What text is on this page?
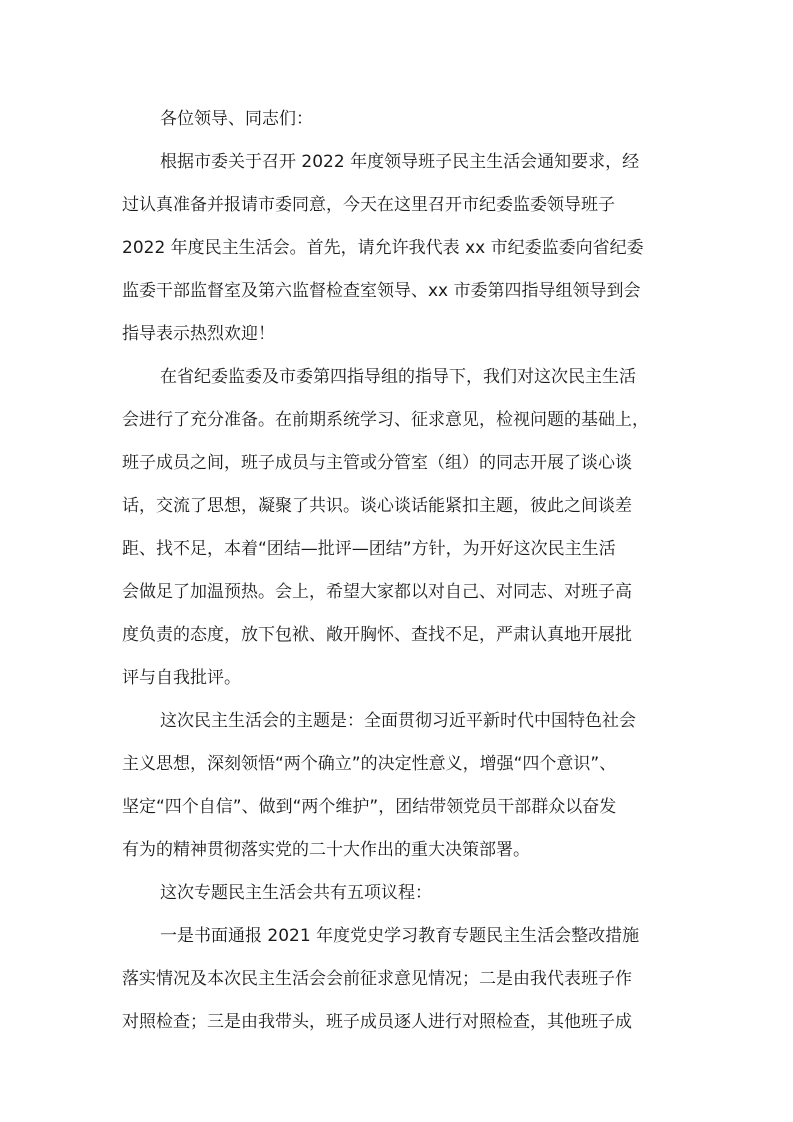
各位领导、同志们：
根据市委关于召开 2022 年度领导班子民主生活会通知要求，经
过认真准备并报请市委同意，今天在这里召开市纪委监委领导班子
2022 年度民主生活会。首先，请允许我代表 xx 市纪委监委向省纪委
监委干部监督室及第六监督检查室领导、xx 市委第四指导组领导到会
指导表示热烈欢迎！
在省纪委监委及市委第四指导组的指导下，我们对这次民主生活
会进行了充分准备。在前期系统学习、征求意见，检视问题的基础上，
班子成员之间，班子成员与主管或分管室（组）的同志开展了谈心谈
话，交流了思想，凝聚了共识。谈心谈话能紧扣主题，彼此之间谈差
距、找不足，本着“团结—批评—团结”方针，为开好这次民主生活
会做足了加温预热。会上，希望大家都以对自己、对同志、对班子高
度负责的态度，放下包袱、敞开胸怀、查找不足，严肃认真地开展批
评与自我批评。
这次民主生活会的主题是：全面贯彻习近平新时代中国特色社会
主义思想，深刻领悟“两个确立”的决定性意义，增强“四个意识”、
坚定“四个自信”、做到“两个维护”，团结带领党员干部群众以奋发
有为的精神贯彻落实党的二十大作出的重大决策部署。
这次专题民主生活会共有五项议程：
一是书面通报 2021 年度党史学习教育专题民主生活会整改措施
落实情况及本次民主生活会会前征求意见情况；二是由我代表班子作
对照检查；三是由我带头，班子成员逐人进行对照检查，其他班子成
